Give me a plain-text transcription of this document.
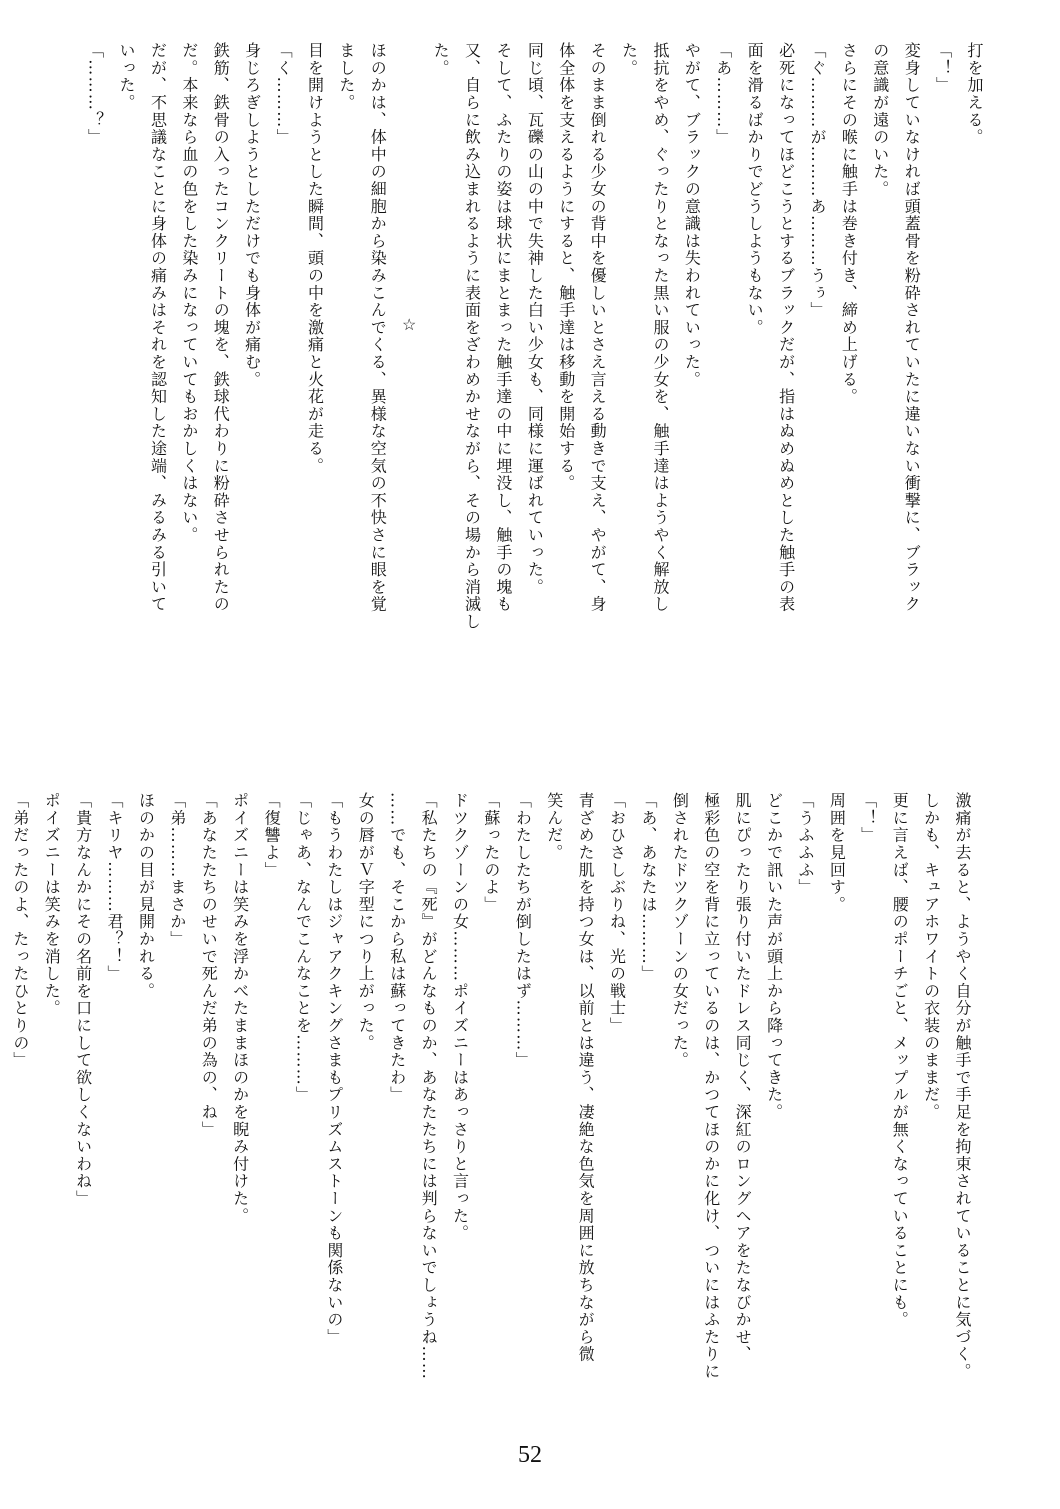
打を加える。
「！」
変身していなければ頭蓋骨を粉砕されていたに違いない衝撃に、ブラック
の意識が遠のいた。
さらにその喉に触手は巻き付き、締め上げる。
「ぐ………が………あ………うぅ」
必死になってほどこうとするブラックだが、指はぬめぬめとした触手の表
面を滑るばかりでどうしようもない。
「あ………」
やがて、ブラックの意識は失われていった。
抵抗をやめ、ぐったりとなった黒い服の少女を、触手達はようやく解放し
た。
そのまま倒れる少女の背中を優しいとさえ言える動きで支え、やがて、身
体全体を支えるようにすると、触手達は移動を開始する。
同じ頃、瓦礫の山の中で失神した白い少女も、同様に運ばれていった。
そして、ふたりの姿は球状にまとまった触手達の中に埋没し、触手の塊も
又、自らに飲み込まれるように表面をざわめかせながら、その場から消滅し
た。
☆
ほのかは、体中の細胞から染みこんでくる、異様な空気の不快さに眼を覚
ました。
目を開けようとした瞬間、頭の中を激痛と火花が走る。
「く………」
身じろぎしようとしただけでも身体が痛む。
鉄筋、鉄骨の入ったコンクリートの塊を、鉄球代わりに粉砕させられたの
だ。本来なら血の色をした染みになっていてもおかしくはない。
だが、不思議なことに身体の痛みはそれを認知した途端、みるみる引いて
いった。
「………？」
激痛が去ると、ようやく自分が触手で手足を拘束されていることに気づく。
しかも、キュアホワイトの衣装のままだ。
更に言えば、腰のポーチごと、メップルが無くなっていることにも。
「！」
周囲を見回す。
「うふふふ」
どこかで訊いた声が頭上から降ってきた。
肌にぴったり張り付いたドレス同じく、深紅のロングヘアをたなびかせ、
極彩色の空を背に立っているのは、かつてほのかに化け、ついにはふたりに
倒されたドツクゾーンの女だった。
「あ、あなたは………」
「おひさしぶりね、光の戦士」
青ざめた肌を持つ女は、以前とは違う、凄絶な色気を周囲に放ちながら微
笑んだ。
「わたしたちが倒したはず………」
「蘇ったのよ」
ドツクゾーンの女………ポイズニーはあっさりと言った。
「私たちの『死』がどんなものか、あなたたちには判らないでしょうね……
……でも、そこから私は蘇ってきたわ」
女の唇がＶ字型につり上がった。
「もうわたしはジャアクキングさまもプリズムストーンも関係ないの」
「じゃあ、なんでこんなことを………」
「復讐よ」
ポイズニーは笑みを浮かべたままほのかを睨み付けた。
「あなたたちのせいで死んだ弟の為の、ね」
「弟………まさか」
ほのかの目が見開かれる。
「キリヤ………君？！」
「貴方なんかにその名前を口にして欲しくないわね」
ポイズニーは笑みを消した。
「弟だったのよ、たったひとりの」
52
